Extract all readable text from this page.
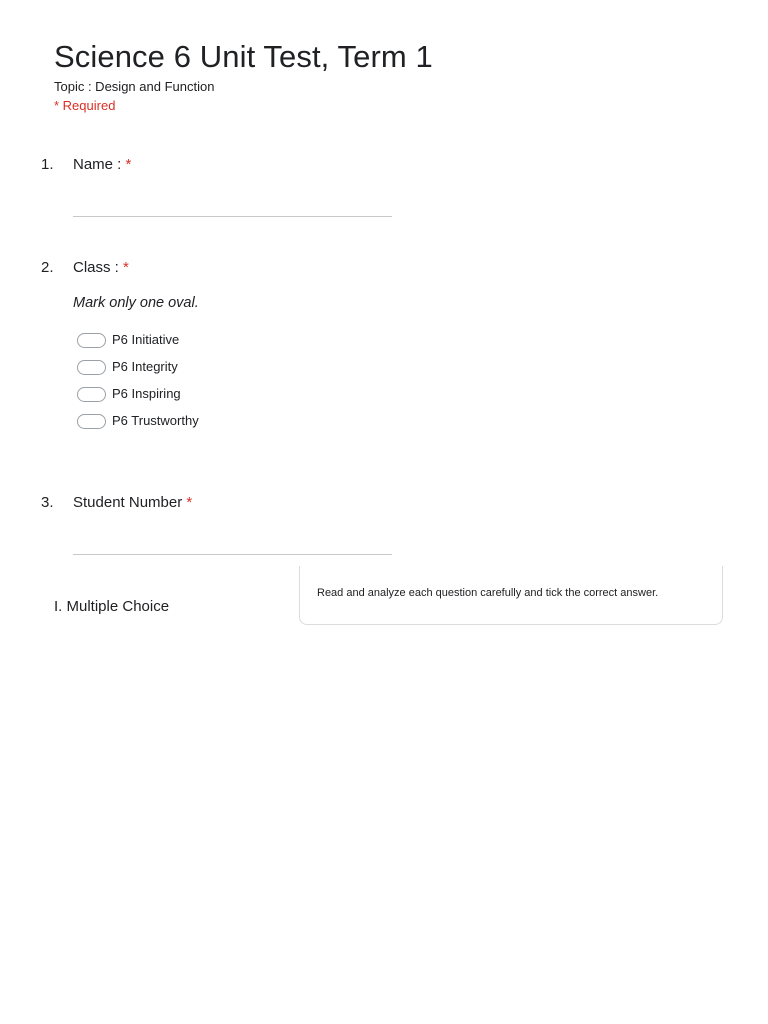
Science 6 Unit Test, Term 1
Topic : Design and Function
* Required
1. Name : *
2. Class : *
Mark only one oval.
P6 Initiative
P6 Integrity
P6 Inspiring
P6 Trustworthy
3. Student Number *
I. Multiple Choice
Read and analyze each question carefully and tick the correct answer.
